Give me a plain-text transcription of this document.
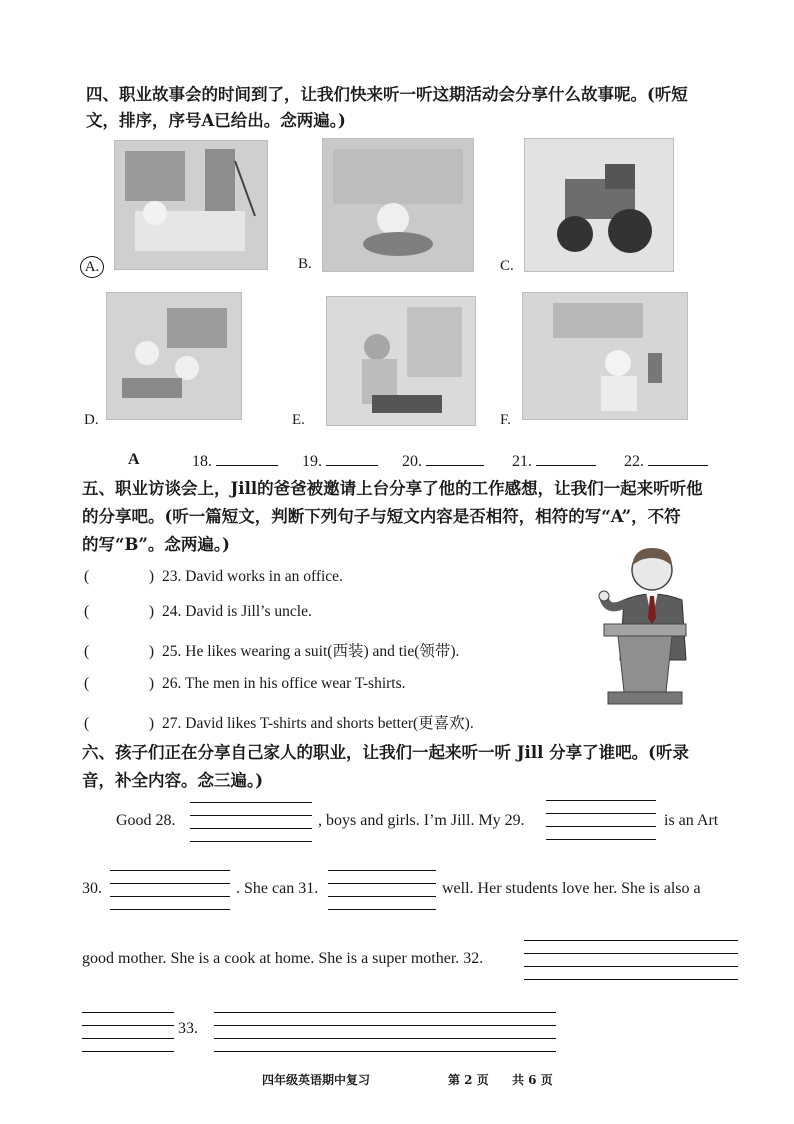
四、职业故事会的时间到了，让我们快来听一听这期活动会分享什么故事呢。(听短
文，排序，序号A已给出。念两遍。)
A.	B.	C.
D.	E.	F.
A	18.	19.	20.	21.	22.
五、职业访谈会上，Jill的爸爸被邀请上台分享了他的工作感想，让我们一起来听听他
的分享吧。(听一篇短文，判断下列句子与短文内容是否相符，相符的写“A”，不符
的写“B”。念两遍。)
(	) 23. David works in an office.
(	) 24. David is Jill’s uncle.
(	) 25. He likes wearing a suit(西装) and tie(领带).
(	) 26. The men in his office wear T-shirts.
(	) 27. David likes T-shirts and shorts better(更喜欢).
六、孩子们正在分享自己家人的职业，让我们一起来听一听 Jill 分享了谁吧。(听录
音，补全内容。念三遍。)
Good 28.	, boys and girls. I’m Jill. My 29.	is an Art
30.	. She can 31.	well. Her students love her. She is also a
good mother. She is a cook at home. She is a super mother. 32.
33.
四年级英语期中复习	第 2 页 共 6 页
